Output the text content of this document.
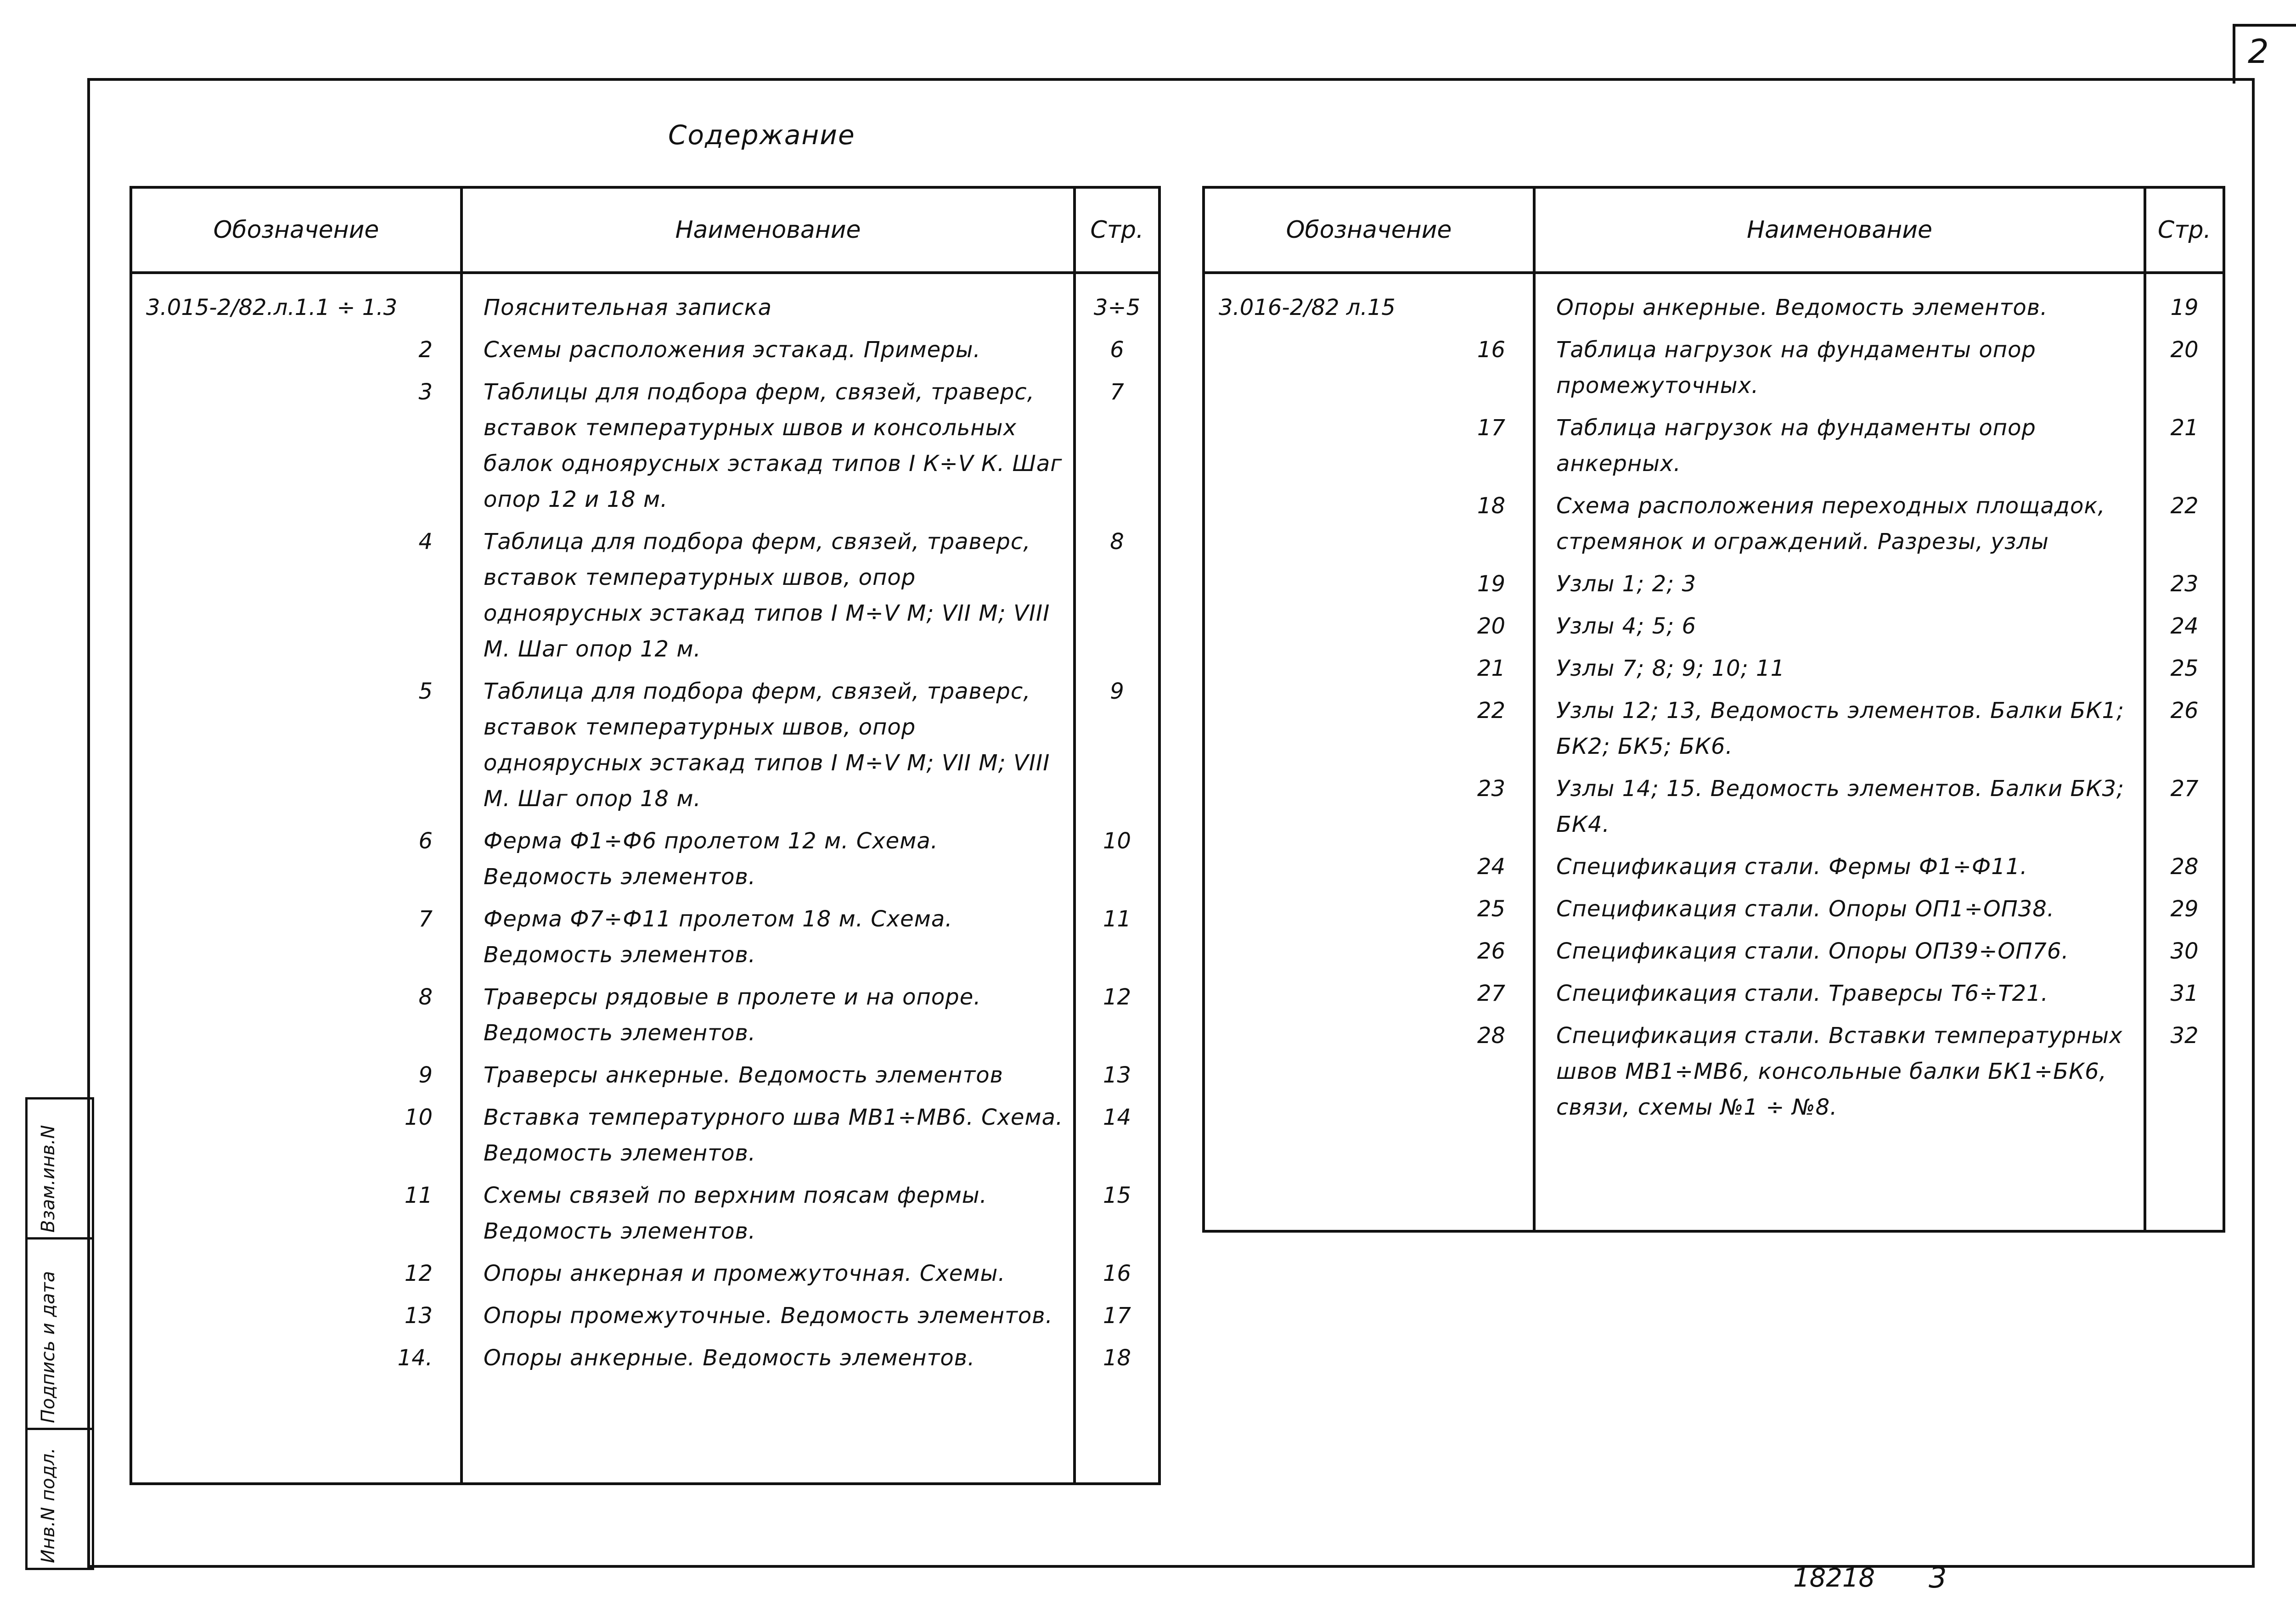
2
Содержание
Обозначение	Наименование	Стр.
3.015-2/82.л.1.1 ÷ 1.3	Пояснительная записка	3÷5
2	Схемы расположения эстакад. Примеры.	6
3	Таблицы для подбора ферм, связей, траверс, вставок температурных швов и консольных балок одноярусных эстакад типов I К÷V К. Шаг опор 12 и 18 м.	7
4	Таблица для подбора ферм, связей, траверс, вставок температурных швов, опор одноярусных эстакад типов I М÷V М; VII М; VIII М. Шаг опор 12 м.	8
5	Таблица для подбора ферм, связей, траверс, вставок температурных швов, опор одноярусных эстакад типов I М÷V М; VII М; VIII М. Шаг опор 18 м.	9
6	Ферма Ф1÷Ф6 пролетом 12 м. Схема. Ведомость элементов.	10
7	Ферма Ф7÷Ф11 пролетом 18 м. Схема. Ведомость элементов.	11
8	Траверсы рядовые в пролете и на опоре. Ведомость элементов.	12
9	Траверсы анкерные. Ведомость элементов	13
10	Вставка температурного шва МВ1÷МВ6. Схема. Ведомость элементов.	14
11	Схемы связей по верхним поясам фермы. Ведомость элементов.	15
12	Опоры анкерная и промежуточная. Схемы.	16
13	Опоры промежуточные. Ведомость элементов.	17
14.	Опоры анкерные. Ведомость элементов.	18

Обозначение	Наименование	Стр.
3.016-2/82 л.15	Опоры анкерные. Ведомость элементов.	19
16	Таблица нагрузок на фундаменты опор промежуточных.	20
17	Таблица нагрузок на фундаменты опор анкерных.	21
18	Схема расположения переходных площадок, стремянок и ограждений. Разрезы, узлы	22
19	Узлы 1; 2; 3	23
20	Узлы 4; 5; 6	24
21	Узлы 7; 8; 9; 10; 11	25
22	Узлы 12; 13, Ведомость элементов. Балки БК1; БК2; БК5; БК6.	26
23	Узлы 14; 15. Ведомость элементов. Балки БК3; БК4.	27
24	Спецификация стали. Фермы Ф1÷Ф11.	28
25	Спецификация стали. Опоры ОП1÷ОП38.	29
26	Спецификация стали. Опоры ОП39÷ОП76.	30
27	Спецификация стали. Траверсы Т6÷Т21.	31
28	Спецификация стали. Вставки температурных швов МВ1÷МВ6, консольные балки БК1÷БК6, связи, схемы №1 ÷ №8.	32

Взам.инв.N
Подпись и дата
Инв.N подл.
18218 3
